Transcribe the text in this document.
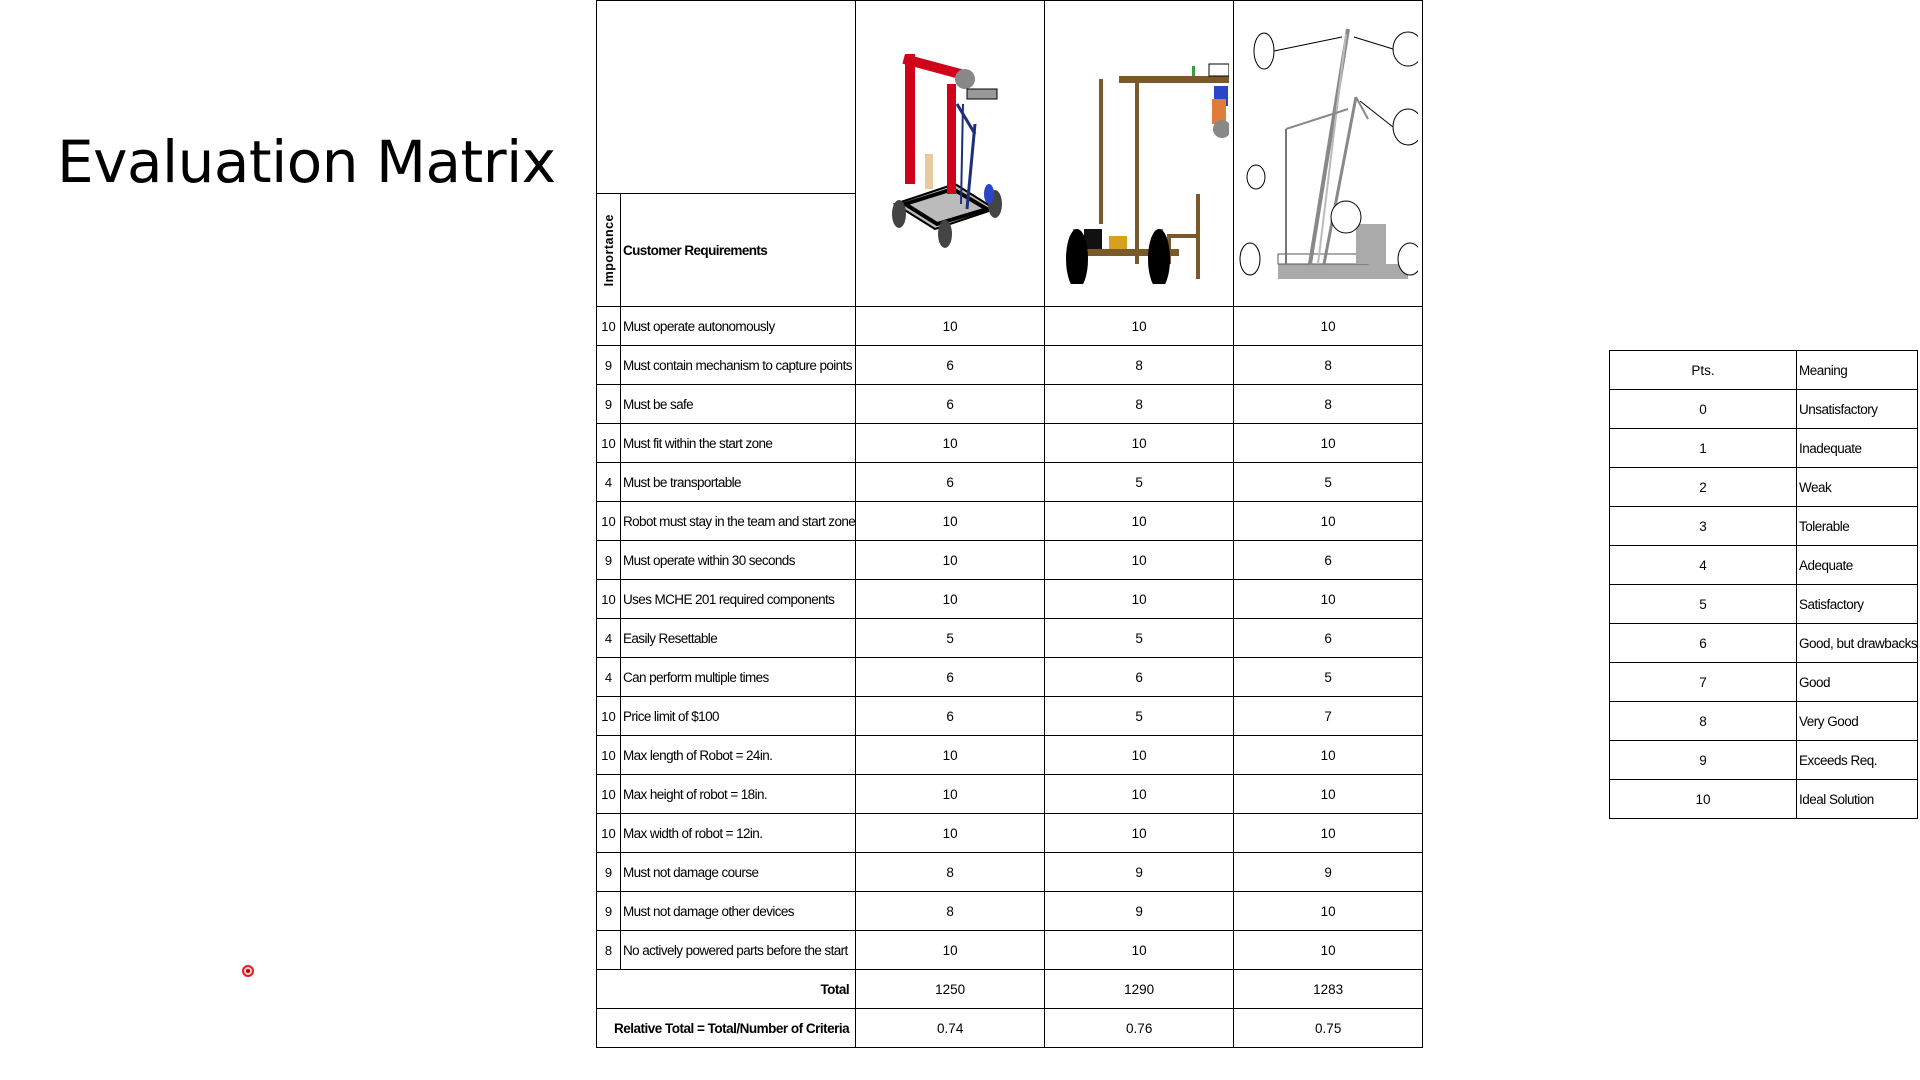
Evaluation Matrix

Importance	Customer Requirements			
10	Must operate autonomously	10	10	10
9	Must contain mechanism to capture points	6	8	8
9	Must be safe	6	8	8
10	Must fit within the start zone	10	10	10
4	Must be transportable	6	5	5
10	Robot must stay in the team and start zone	10	10	10
9	Must operate within 30 seconds	10	10	6
10	Uses MCHE 201 required components	10	10	10
4	Easily Resettable	5	5	6
4	Can perform multiple times	6	6	5
10	Price limit of $100	6	5	7
10	Max length of Robot = 24in.	10	10	10
10	Max height of robot = 18in.	10	10	10
10	Max width of robot = 12in.	10	10	10
9	Must not damage course	8	9	9
9	Must not damage other devices	8	9	10
8	No actively powered parts before the start	10	10	10
Total		1250	1290	1283
Relative Total = Total/Number of Criteria		0.74	0.76	0.75
Pts.	Meaning
0	Unsatisfactory
1	Inadequate
2	Weak
3	Tolerable
4	Adequate
5	Satisfactory
6	Good, but drawbacks
7	Good
8	Very Good
9	Exceeds Req.
10	Ideal Solution
